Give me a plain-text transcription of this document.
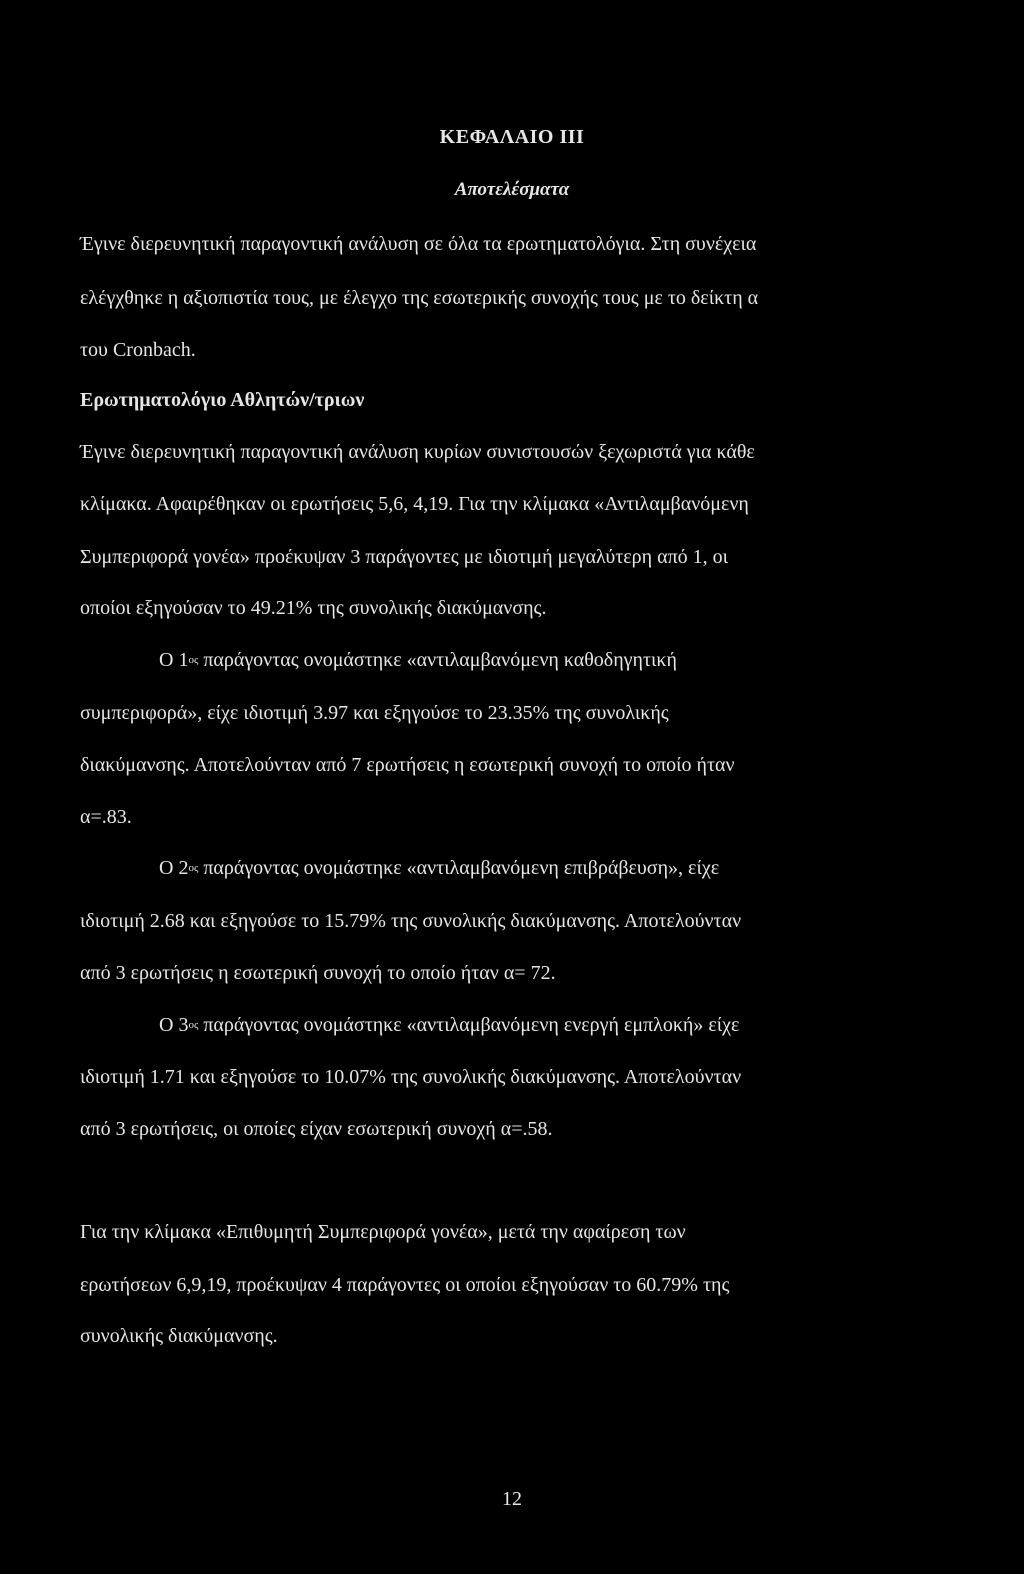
ΚΕΦΑΛΑΙΟ III

Αποτελέσματα

Έγινε διερευνητική παραγοντική ανάλυση σε όλα τα ερωτηματολόγια. Στη συνέχεια

ελέγχθηκε η αξιοπιστία τους, με έλεγχο της εσωτερικής συνοχής τους με το δείκτη α

του Cronbach.

Ερωτηματολόγιο Αθλητών/τριων

Έγινε διερευνητική παραγοντική ανάλυση κυρίων συνιστουσών ξεχωριστά για κάθε

κλίμακα. Αφαιρέθηκαν οι ερωτήσεις 5,6, 4,19. Για την κλίμακα «Αντιλαμβανόμενη

Συμπεριφορά γονέα» προέκυψαν 3 παράγοντες με ιδιοτιμή μεγαλύτερη από 1, οι

οποίοι εξηγούσαν το 49.21% της συνολικής διακύμανσης.

Ο $1^{o\varsigma}$ παράγοντας ονομάστηκε «αντιλαμβανόμενη καθοδηγητική

συμπεριφορά», είχε ιδιοτιμή 3.97 και εξηγούσε το 23.35% της συνολικής

διακύμανσης. Αποτελούνταν από 7 ερωτήσεις η εσωτερική συνοχή το οποίο ήταν

α=.83.

Ο $2^{o\varsigma}$ παράγοντας ονομάστηκε «αντιλαμβανόμενη επιβράβευση», είχε

ιδιοτιμή 2.68 και εξηγούσε το 15.79% της συνολικής διακύμανσης. Αποτελούνταν

από 3 ερωτήσεις η εσωτερική συνοχή το οποίο ήταν α= 72.

Ο $3^{o\varsigma}$ παράγοντας ονομάστηκε «αντιλαμβανόμενη ενεργή εμπλοκή» είχε

ιδιοτιμή 1.71 και εξηγούσε το 10.07% της συνολικής διακύμανσης. Αποτελούνταν

από 3 ερωτήσεις, οι οποίες είχαν εσωτερική συνοχή α=.58.

Για την κλίμακα «Επιθυμητή Συμπεριφορά γονέα», μετά την αφαίρεση των

ερωτήσεων 6,9,19, προέκυψαν 4 παράγοντες οι οποίοι εξηγούσαν το 60.79% της

συνολικής διακύμανσης.

12
